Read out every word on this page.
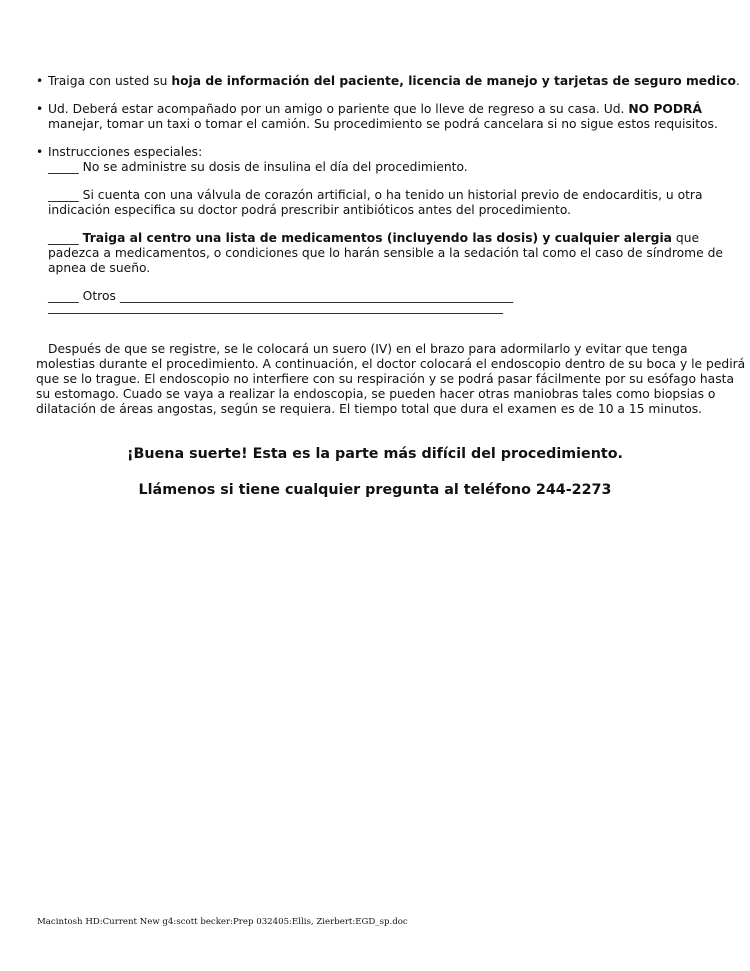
• Traiga con usted su hoja de información del paciente, licencia de manejo y tarjetas de seguro medico.
• Ud. Deberá estar acompañado por un amigo o pariente que lo lleve de regreso a su casa. Ud. NO PODRÁ
manejar, tomar un taxi o tomar el camión. Su procedimiento se podrá cancelara si no sigue estos requisitos.
• Instrucciones especiales:
_____ No se administre su dosis de insulina el día del procedimiento.
_____ Si cuenta con una válvula de corazón artificial, o ha tenido un historial previo de endocarditis, u otra
indicación especifica su doctor podrá prescribir antibióticos antes del procedimiento.
_____ Traiga al centro una lista de medicamentos (incluyendo las dosis) y cualquier alergia que
padezca a medicamentos, o condiciones que lo harán sensible a la sedación tal como el caso de síndrome de
apnea de sueño.
_____ Otros ________________________________________________________________
__________________________________________________________________________
Después de que se registre, se le colocará un suero (IV) en el brazo para adormilarlo y evitar que tenga
molestias durante el procedimiento. A continuación, el doctor colocará el endoscopio dentro de su boca y le pedirá
que se lo trague. El endoscopio no interfiere con su respiración y se podrá pasar fácilmente por su esófago hasta
su estomago. Cuado se vaya a realizar la endoscopia, se pueden hacer otras maniobras tales como biopsias o
dilatación de áreas angostas, según se requiera. El tiempo total que dura el examen es de 10 a 15 minutos.
¡Buena suerte! Esta es la parte más difícil del procedimiento.
Llámenos si tiene cualquier pregunta al teléfono 244-2273
Macintosh HD:Current New g4:scott becker:Prep 032405:Ellis, Zierbert:EGD_sp.doc
